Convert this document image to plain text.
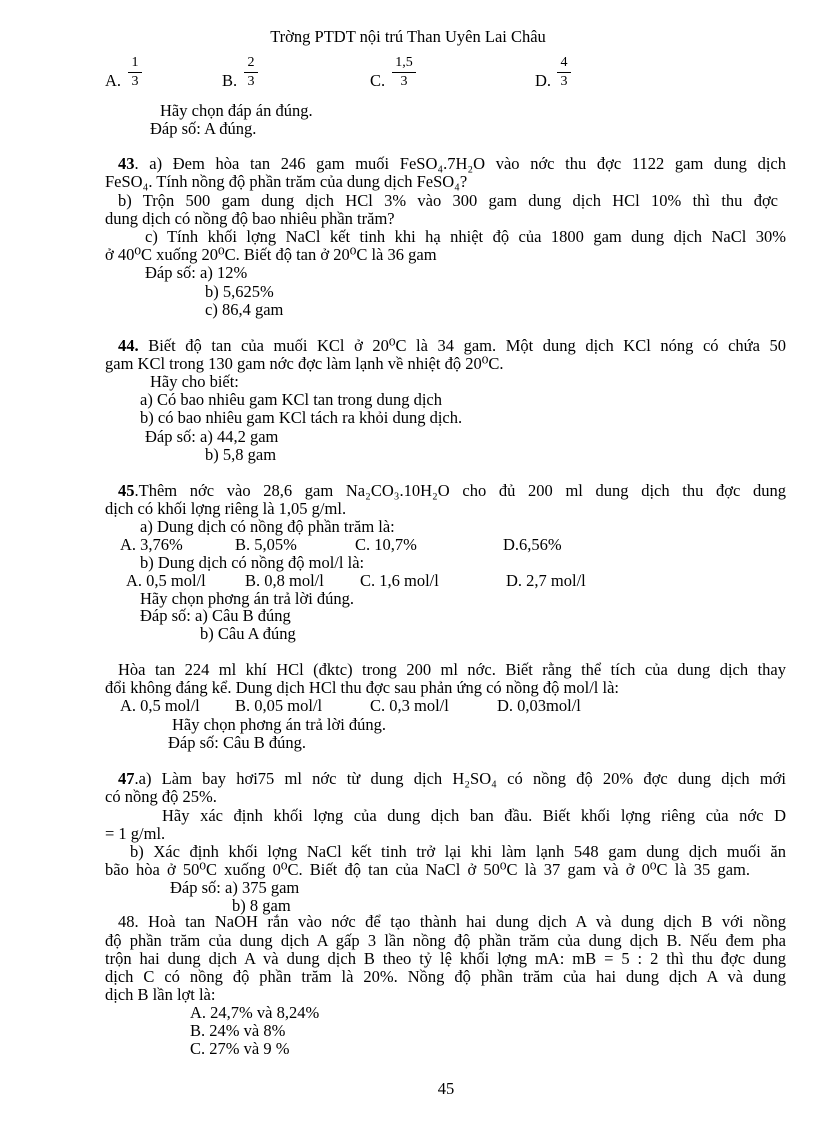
Trờng PTDT nội trú Than Uyên Lai Châu
A.
1
3	B.
2
3	C.
1,5
3	D.
4
3
Hãy chọn đáp án đúng.
Đáp số: A đúng.
43. a) Đem hòa tan 246 gam muối FeSO₄.7H₂O vào nớc thu đợc 1122 gam dung dịch
FeSO₄. Tính nồng độ phần trăm của dung dịch FeSO₄?
b) Trộn 500 gam dung dịch HCl 3% vào 300 gam dung dịch HCl 10% thì thu đợc
dung dịch có nồng độ bao nhiêu phần trăm?
c) Tính khối lợng NaCl kết tinh khi hạ nhiệt độ của 1800 gam dung dịch NaCl 30%
ở 40⁰C xuống 20⁰C. Biết độ tan ở 20⁰C là 36 gam
Đáp số: a) 12%
b) 5,625%
c) 86,4 gam
44. Biết độ tan của muối KCl ở 20⁰C là 34 gam. Một dung dịch KCl nóng có chứa 50
gam KCl trong 130 gam nớc đợc làm lạnh về nhiệt độ 20⁰C.
Hãy cho biết:
a) Có bao nhiêu gam KCl tan trong dung dịch
b) có bao nhiêu gam KCl tách ra khỏi dung dịch.
Đáp số: a) 44,2 gam
b) 5,8 gam
45.Thêm nớc vào 28,6 gam Na₂CO₃.10H₂O cho đủ 200 ml dung dịch thu đợc dung
dịch có khối lợng riêng là 1,05 g/ml.
a) Dung dịch có nồng độ phần trăm là:
A. 3,76%	B. 5,05%	C. 10,7%	D.6,56%
b) Dung dịch có nồng độ mol/l là:
A. 0,5 mol/l B. 0,8 mol/l C. 1,6 mol/l	D. 2,7 mol/l
Hãy chọn phơng án trả lời đúng.
Đáp số: a) Câu B đúng
b) Câu A đúng
Hòa tan 224 ml khí HCl (đktc) trong 200 ml nớc. Biết rằng thể tích của dung dịch thay
đổi không đáng kể. Dung dịch HCl thu đợc sau phản ứng có nồng độ mol/l là:
A. 0,5 mol/l B. 0,05 mol/l	C. 0,3 mol/l	D. 0,03mol/l
Hãy chọn phơng án trả lời đúng.
Đáp số: Câu B đúng.
47.a) Làm bay hơi75 ml nớc từ dung dịch H₂SO₄ có nồng độ 20% đợc dung dịch mới
có nồng độ 25%.
Hãy xác định khối lợng của dung dịch ban đầu. Biết khối lợng riêng của nớc D
= 1 g/ml.
b) Xác định khối lợng NaCl kết tinh trở lại khi làm lạnh 548 gam dung dịch muối ăn
bão hòa ở 50⁰C xuống 0⁰C. Biết độ tan của NaCl ở 50⁰C là 37 gam và ở 0⁰C là 35 gam.
Đáp số: a) 375 gam
b) 8 gam
48. Hoà tan NaOH rắn vào nớc để tạo thành hai dung dịch A và dung dịch B với nồng
độ phần trăm của dung dịch A gấp 3 lần nồng độ phần trăm của dung dịch B. Nếu đem pha
trộn hai dung dịch A và dung dịch B theo tỷ lệ khối lợng mA: mB = 5 : 2 thì thu đợc dung
dịch C có nồng độ phần trăm là 20%. Nồng độ phần trăm của hai dung dịch A và dung
dịch B lần lợt là:
A. 24,7% và 8,24%
B. 24% và 8%
C. 27% và 9 %
45
